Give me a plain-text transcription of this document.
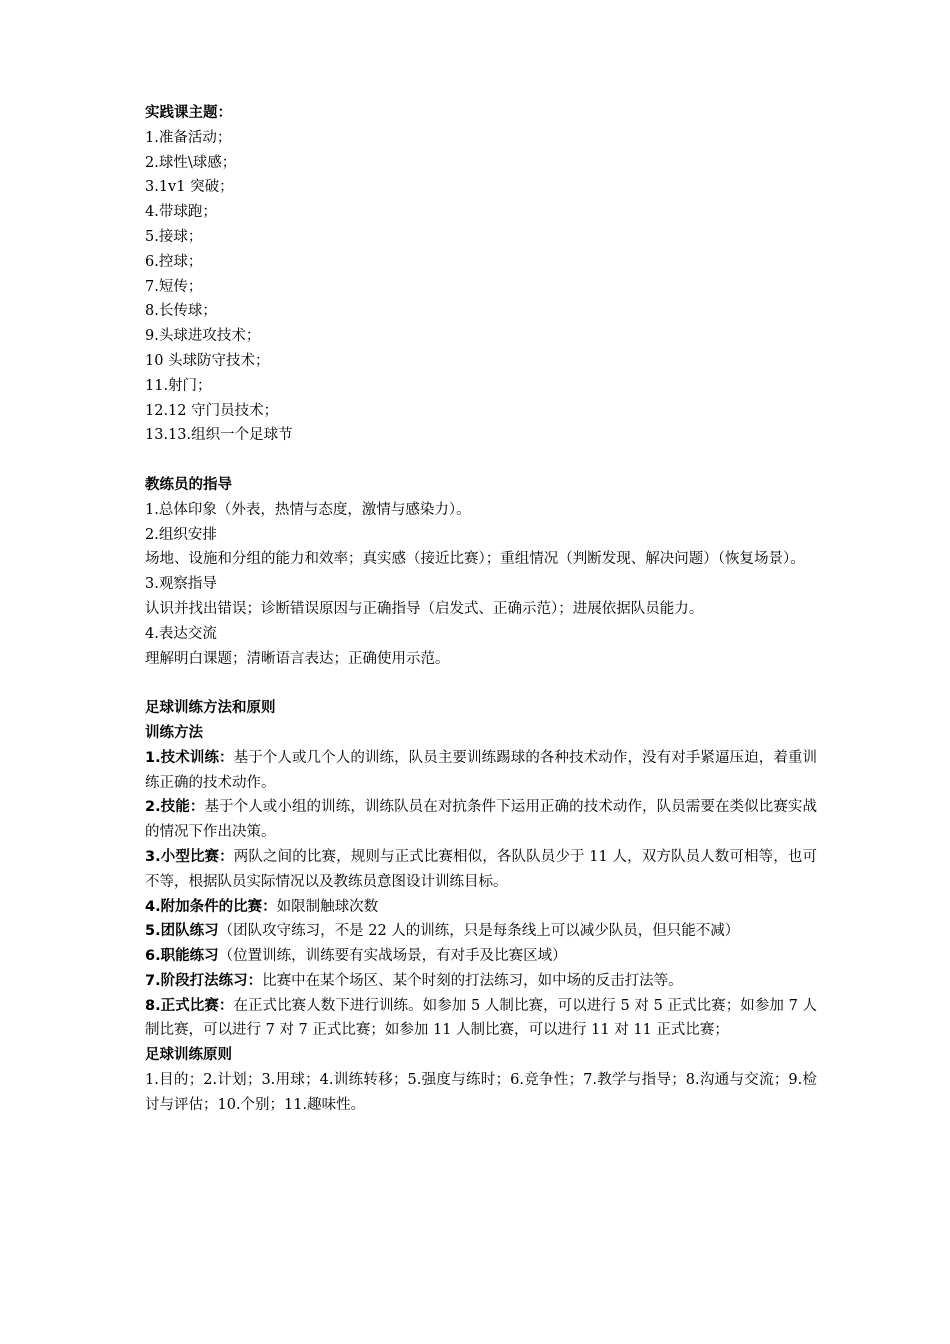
实践课主题：

1.准备活动；

2.球性\球感；

3.1v1 突破；

4.带球跑；

5.接球；

6.控球；

7.短传；

8.长传球；

9.头球进攻技术；

10 头球防守技术；

11.射门；

12.12 守门员技术；

13.13.组织一个足球节

教练员的指导

1.总体印象（外表，热情与态度，激情与感染力）。

2.组织安排

场地、设施和分组的能力和效率；真实感（接近比赛）；重组情况（判断发现、解决问题）（恢复场景）。

3.观察指导

认识并找出错误；诊断错误原因与正确指导（启发式、正确示范）；进展依据队员能力。

4.表达交流

理解明白课题；清晰语言表达；正确使用示范。

足球训练方法和原则

训练方法

1.技术训练：基于个人或几个人的训练，队员主要训练踢球的各种技术动作，没有对手紧逼压迫，着重训练正确的技术动作。

2.技能：基于个人或小组的训练，训练队员在对抗条件下运用正确的技术动作，队员需要在类似比赛实战的情况下作出决策。

3.小型比赛：两队之间的比赛，规则与正式比赛相似，各队队员少于 11 人，双方队员人数可相等，也可不等，根据队员实际情况以及教练员意图设计训练目标。

4.附加条件的比赛：如限制触球次数

5.团队练习（团队攻守练习，不是 22 人的训练，只是每条线上可以减少队员，但只能不减）

6.职能练习（位置训练，训练要有实战场景，有对手及比赛区域）

7.阶段打法练习：比赛中在某个场区、某个时刻的打法练习，如中场的反击打法等。

8.正式比赛：在正式比赛人数下进行训练。如参加 5 人制比赛，可以进行 5 对 5 正式比赛；如参加 7 人制比赛，可以进行 7 对 7 正式比赛；如参加 11 人制比赛，可以进行 11 对 11 正式比赛；

足球训练原则

1.目的；2.计划；3.用球；4.训练转移；5.强度与练时；6.竞争性；7.教学与指导；8.沟通与交流；9.检讨与评估；10.个别；11.趣味性。
